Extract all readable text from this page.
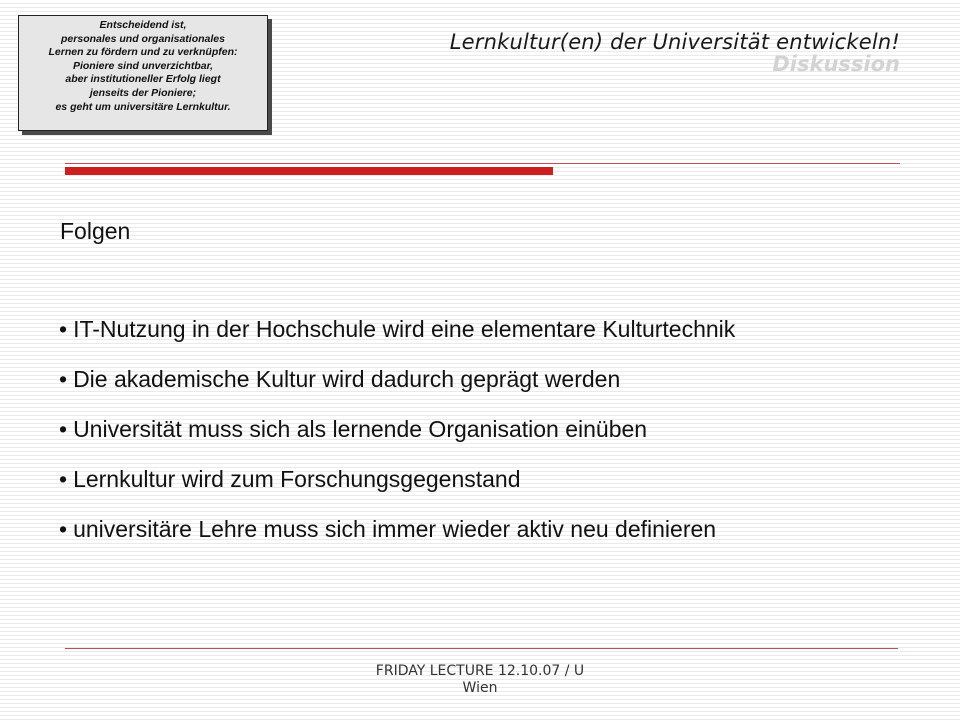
Entscheidend ist,
personales und organisationales
Lernen zu fördern und zu verknüpfen:
Pioniere sind unverzichtbar,
aber institutioneller Erfolg liegt
jenseits der Pioniere;
es geht um universitäre Lernkultur.
Lernkultur(en) der Universität entwickeln!
Diskussion
Folgen
• IT-Nutzung in der Hochschule wird eine elementare Kulturtechnik
• Die akademische Kultur wird dadurch geprägt werden
• Universität muss sich als lernende Organisation einüben
• Lernkultur wird zum Forschungsgegenstand
• universitäre Lehre muss sich immer wieder aktiv neu definieren
FRIDAY LECTURE 12.10.07 / U
Wien
